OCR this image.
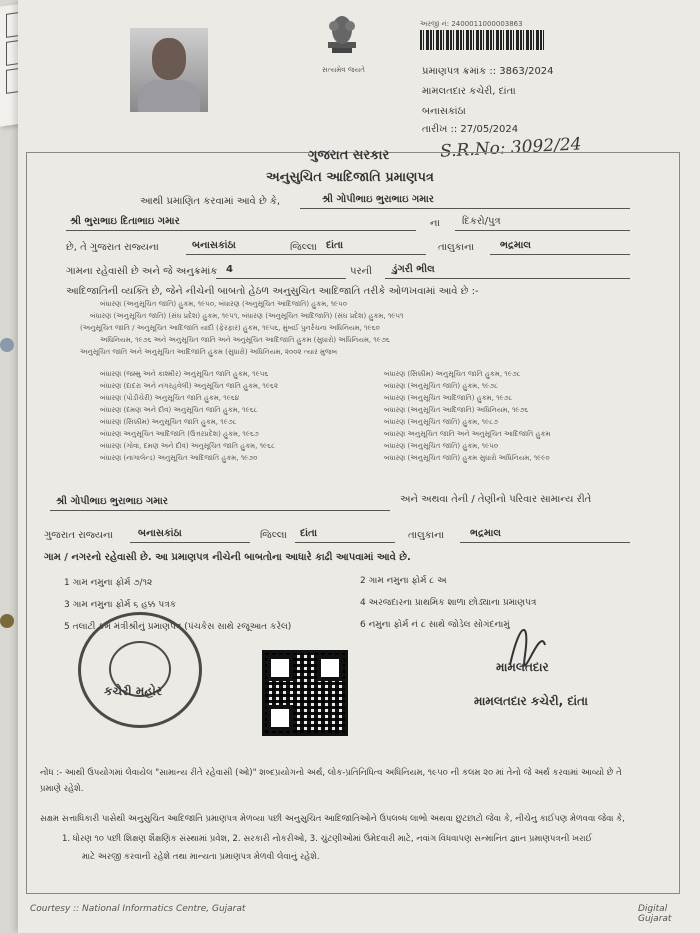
સત્યમેવ જયતે
અરજી નં: 2400011000003863
પ્રમાણપત્ર ક્રમાંક :: 3863/2024
મામલતદાર કચેરી, દાંતા
બનાસકાંઠા
તારીખ :: 27/05/2024
S.R.No: 3092/24
ગુજરાત સરકાર
અનુસુચિત આદિજાતિ પ્રમાણપત્ર
આથી પ્રમાણિત કરવામાં આવે છે કે,	શ્રી ગોપીભાઇ ભુરાભાઇ ગમાર
શ્રી ભુરાભાઇ દિતાભાઇ ગમાર	ના દિકરો/પુત્ર
છે, તે ગુજરાત રાજ્યના	બનાસકાંઠા	જિલ્લા દાંતા	તાલુકાના	ભદ્રમાલ
ગામના રહેવાસી છે અને જે અનુક્રમાંક 4	પરની ડુંગરી ભીલ
આદિજાતિની વ્યક્તિ છે, જેને નીચેની બાબતો હેઠળ અનુસુચિત આદિજાતિ તરીકે ઓળખવામાં આવે છે :-
બંધારણ (અનુસૂચિત જાતિ) હુકમ, ૧૯૫૦, બંધારણ (અનુસૂચિત આદિજાતિ) હુકમ, ૧૯૫૦
બંધારણ (અનુસૂચિત જાતિ) (સંઘ પ્રદેશ) હુકમ, ૧૯૫૧, બંધારણ (અનુસૂચિત આદિજાતિ) (સંઘ પ્રદેશ) હુકમ, ૧૯૫૧
(અનુસૂચિત જાતિ / અનુસૂચિત આદિજાતિ યાદી (ફેરફાર) હુકમ, ૧૯૫૬, મુંબઈ પુનર્રચના અધિનિયમ, ૧૯૬૦
અધિનિયમ, ૧૯૭૬ અને અનુસૂચિત જાતિ અને અનુસૂચિત આદિજાતિ હુકમ (સુધારો) અધિનિયમ, ૧૯૭૬
અનુસૂચિત જાતિ અને અનુસૂચિત આદિજાતિ હુકમ (સુધારો) અધિનિયમ, ૨૦૦૨ ત્યાર મુજબ
બંધારણ (જમ્મુ અને કાશ્મીર) અનુસૂચિત જાતિ હુકમ, ૧૯૫૬
બંધારણ (દાદરા અને નગરહવેલી) અનુસૂચિત જાતિ હુકમ, ૧૯૬૨
બંધારણ (પોંડીચેરી) અનુસૂચિત જાતિ હુકમ, ૧૯૬૪
બંધારણ (દમણ અને દીવ) અનુસૂચિત જાતિ હુકમ, ૧૯૬૮
બંધારણ (સિક્કીમ) અનુસૂચિત જાતિ હુકમ, ૧૯૭૮
બંધારણ અનુસૂચિત આદિજાતિ (ઉત્તરપ્રદેશ) હુકમ, ૧૯૬૭
બંધારણ (ગોવા, દમણ અને દીવ) અનુસૂચિત જાતિ હુકમ, ૧૯૬૮
બંધારણ (નાગાલેન્ડ) અનુસૂચિત આદિજાતિ હુકમ, ૧૯૭૦
બંધારણ (સિક્કીમ) અનુસૂચિત જાતિ હુકમ, ૧૯૭૮
બંધારણ (અનુસૂચિત જાતિ) હુકમ, ૧૯૭૮
બંધારણ (અનુસૂચિત આદિજાતિ) હુકમ, ૧૯૭૮
બંધારણ (અનુસૂચિત આદિજાતિ) અધિનિયમ, ૧૯૭૬
બંધારણ (અનુસૂચિત જાતિ) હુકમ, ૧૯૮૭
બંધારણ અનુસૂચિત જાતિ અને અનુસૂચિત આદિજાતિ હુકમ
બંધારણ (અનુસૂચિત જાતિ) હુકમ, ૧૯૫૦
બંધારણ (અનુસૂચિત જાતિ) હુકમ સુધારો અધિનિયમ, ૧૯૯૦
શ્રી ગોપીભાઇ ભુરાભાઇ ગમાર	અને અથવા તેની / તેણીનો પરિવાર સામાન્ય રીતે
ગુજરાત રાજ્યના	બનાસકાંઠા	જિલ્લા દાંતા	તાલુકાના	ભદ્રમાલ
ગામ / નગરનો રહેવાસી છે. આ પ્રમાણપત્ર નીચેની બાબતોના આધારે કાઢી આપવામાં આવે છે.
1 ગામ નમુના ફોર્મ ૭/૧૨	2 ગામ નમુના ફોર્મ ૮ અ
3 ગામ નમુના ફોર્મ ૬ હક્ક પત્રક	4 અરજદારના પ્રાથમિક શાળા છોડ્યાના પ્રમાણપત્ર
5 તલાટી કમ મંત્રીશ્રીનું પ્રમાણપત્ર (પંચકેસ સાથે રજૂઆત કરેલ)	6 નમુના ફોર્મ નં ૮ સાથે જોડેલ સોગંદનામું
કચેરી મહોર
મામલતદાર
મામલતદાર કચેરી, દાંતા
નોંધ :- આથી ઉપયોગમાં લેવાયેલ "સામાન્ય રીતે રહેવાસી (ઓ)" શબ્દપ્રયોગનો અર્થ, લોક-પ્રતિનિધિત્વ અધિનિયમ, ૧૯૫૦ ની કલમ ૨૦ માં તેનો જે અર્થ કરવામાં આવ્યો છે તે
પ્રમાણે રહેશે.
સક્ષમ સત્તાધિકારી પાસેથી અનુસુચિત આદિજાતિ પ્રમાણપત્ર મેળવ્યા પછી અનુસુચિત આદિજાતિઓને ઉપલબ્ધ લાભો અથવા છુટછાટો જેવા કે, નીચેનુ કાઈપણ મેળવવા જેવા કે,
1. ધોરણ ૧૦ પછી શિક્ષણ શૈક્ષણિક સંસ્થામાં પ્રવેશ, 2. સરકારી નોકરીઓ, 3. ચુંટણીઓમાં ઉમેદવારી માટે, નવાંગ વિધવાપણ સન્માનિત જ્ઞાન પ્રમાણપત્રની ખરાઈ
માટે અરજી કરવાની રહેશે તથા માન્યતા પ્રમાણપત્ર મેળવી લેવાનું રહેશે.
Courtesy :: National Informatics Centre, Gujarat	Digital Gujarat
